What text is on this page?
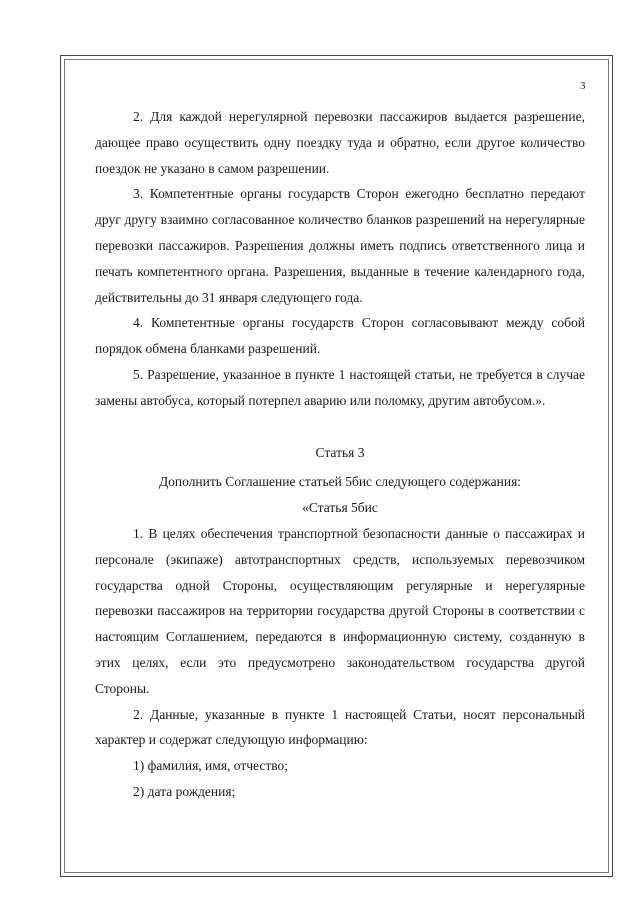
3

2. Для каждой нерегулярной перевозки пассажиров выдается разрешение, дающее право осуществить одну поездку туда и обратно, если другое количество поездок не указано в самом разрешении.

3. Компетентные органы государств Сторон ежегодно бесплатно передают друг другу взаимно согласованное количество бланков разрешений на нерегулярные перевозки пассажиров. Разрешения должны иметь подпись ответственного лица и печать компетентного органа. Разрешения, выданные в течение календарного года, действительны до 31 января следующего года.

4. Компетентные органы государств Сторон согласовывают между собой порядок обмена бланками разрешений.

5. Разрешение, указанное в пункте 1 настоящей статьи, не требуется в случае замены автобуса, который потерпел аварию или поломку, другим автобусом.».

Статья 3

Дополнить Соглашение статьей 5бис следующего содержания:

«Статья 5бис

1. В целях обеспечения транспортной безопасности данные о пассажирах и персонале (экипаже) автотранспортных средств, используемых перевозчиком государства одной Стороны, осуществляющим регулярные и нерегулярные перевозки пассажиров на территории государства другой Стороны в соответствии с настоящим Соглашением, передаются в информационную систему, созданную в этих целях, если это предусмотрено законодательством государства другой Стороны.

2. Данные, указанные в пункте 1 настоящей Статьи, носят персональный характер и содержат следующую информацию:

1) фамилия, имя, отчество;

2) дата рождения;
